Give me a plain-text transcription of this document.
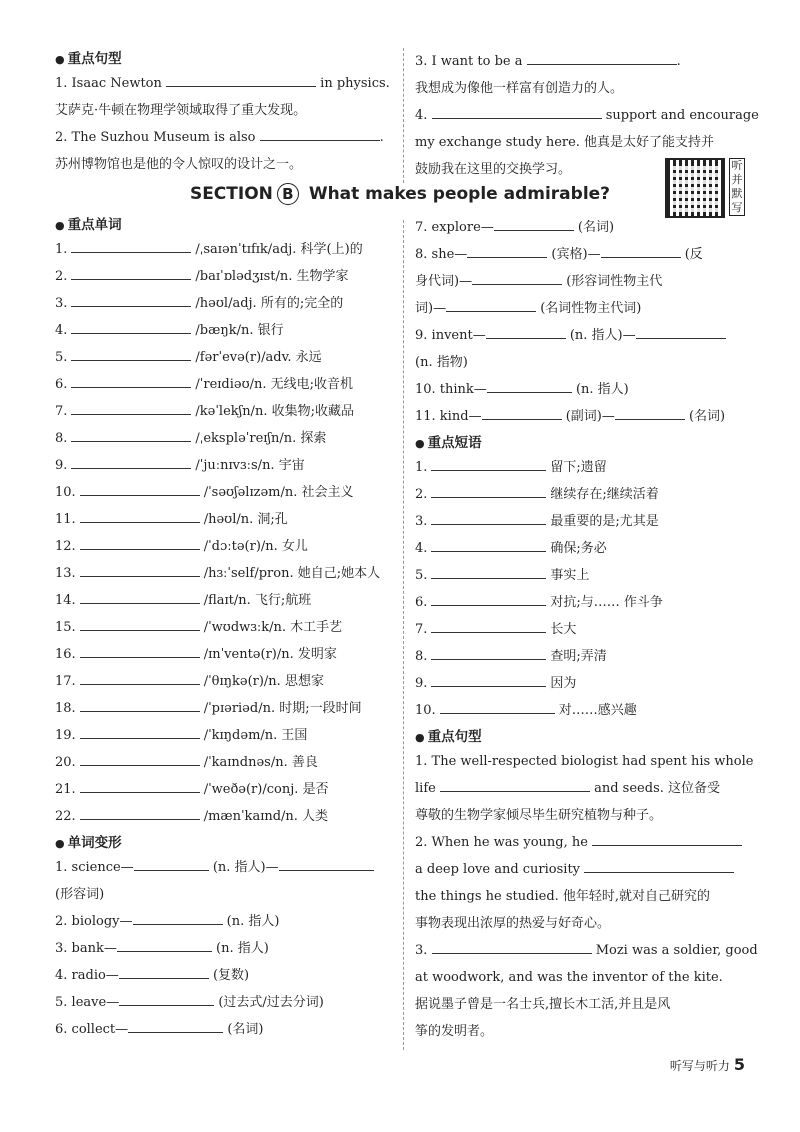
● 重点句型
1. Isaac Newton	in physics.
艾萨克·牛顿在物理学领域取得了重大发现。
2. The Suzhou Museum is also	.
苏州博物馆也是他的令人惊叹的设计之一。
3. I want to be a	.
我想成为像他一样富有创造力的人。
4.	support and encourage
my exchange study here. 他真是太好了能支持并
鼓励我在这里的交换学习。	听并默写
SECTION B What makes people admirable?
● 重点单词
1.	/ˌsaɪənˈtɪfɪk/adj. 科学(上)的
2.	/baɪˈɒlədʒɪst/n. 生物学家
3.	/həʊl/adj. 所有的;完全的
4.	/bæŋk/n. 银行
5.	/fərˈevə(r)/adv. 永远
6.	/ˈreɪdiəʊ/n. 无线电;收音机
7.	/kəˈlekʃn/n. 收集物;收藏品
8.	/ˌekspləˈreɪʃn/n. 探索
9.	/ˈjuːnɪvɜːs/n. 宇宙
10.	/ˈsəʊʃəlɪzəm/n. 社会主义
11.	/həʊl/n. 洞;孔
12.	/ˈdɔːtə(r)/n. 女儿
13.	/hɜːˈself/pron. 她自己;她本人
14.	/flaɪt/n. 飞行;航班
15.	/ˈwʊdwɜːk/n. 木工手艺
16.	/ɪnˈventə(r)/n. 发明家
17.	/ˈθɪŋkə(r)/n. 思想家
18.	/ˈpɪəriəd/n. 时期;一段时间
19.	/ˈkɪŋdəm/n. 王国
20.	/ˈkaɪndnəs/n. 善良
21.	/ˈweðə(r)/conj. 是否
22.	/mænˈkaɪnd/n. 人类
● 单词变形
1. science—	(n. 指人)—
(形容词)
2. biology—	(n. 指人)
3. bank—	(n. 指人)
4. radio—	(复数)
5. leave—	(过去式/过去分词)
6. collect—	(名词)
7. explore—	(名词)
8. she—	(宾格)—	(反
身代词)—	(形容词性物主代
词)—	(名词性物主代词)
9. invent—	(n. 指人)—
(n. 指物)
10. think—	(n. 指人)
11. kind—	(副词)—	(名词)
● 重点短语
1.	留下;遗留
2.	继续存在;继续活着
3.	最重要的是;尤其是
4.	确保;务必
5.	事实上
6.	对抗;与…… 作斗争
7.	长大
8.	查明;弄清
9.	因为
10.	对……感兴趣
● 重点句型
1. The well-respected biologist had spent his whole
life	and seeds. 这位备受
尊敬的生物学家倾尽毕生研究植物与种子。
2. When he was young, he
a deep love and curiosity
the things he studied. 他年轻时,就对自己研究的
事物表现出浓厚的热爱与好奇心。
3.	Mozi was a soldier, good
at woodwork, and was the inventor of the kite.
据说墨子曾是一名士兵,擅长木工活,并且是风
筝的发明者。
听写与听力 5
